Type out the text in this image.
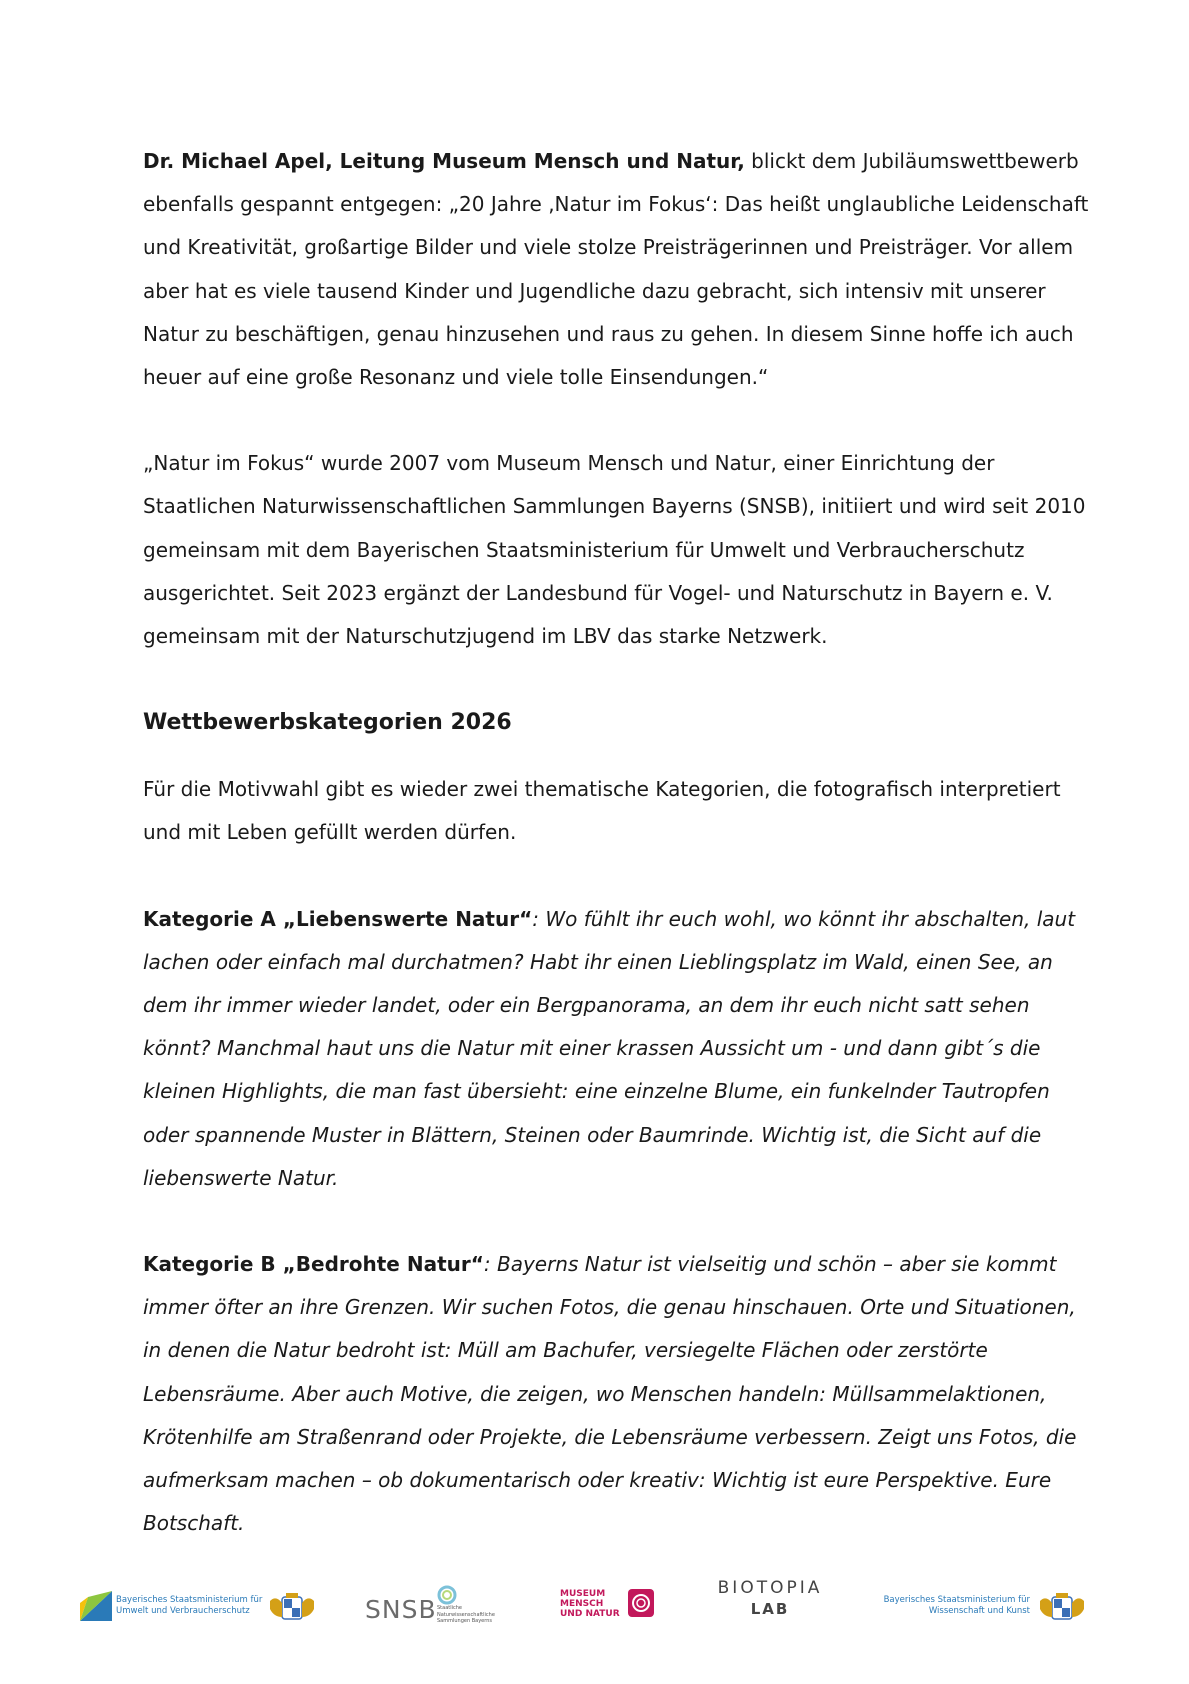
Dr. Michael Apel, Leitung Museum Mensch und Natur, blickt dem Jubiläumswettbewerb ebenfalls gespannt entgegen: „20 Jahre ‚Natur im Fokus‘: Das heißt unglaubliche Leidenschaft und Kreativität, großartige Bilder und viele stolze Preisträgerinnen und Preisträger. Vor allem aber hat es viele tausend Kinder und Jugendliche dazu gebracht, sich intensiv mit unserer Natur zu beschäftigen, genau hinzusehen und raus zu gehen. In diesem Sinne hoffe ich auch heuer auf eine große Resonanz und viele tolle Einsendungen.“

„Natur im Fokus“ wurde 2007 vom Museum Mensch und Natur, einer Einrichtung der Staatlichen Naturwissenschaftlichen Sammlungen Bayerns (SNSB), initiiert und wird seit 2010 gemeinsam mit dem Bayerischen Staatsministerium für Umwelt und Verbraucherschutz ausgerichtet. Seit 2023 ergänzt der Landesbund für Vogel- und Naturschutz in Bayern e. V. gemeinsam mit der Naturschutzjugend im LBV das starke Netzwerk.

Wettbewerbskategorien 2026

Für die Motivwahl gibt es wieder zwei thematische Kategorien, die fotografisch interpretiert und mit Leben gefüllt werden dürfen.

Kategorie A „Liebenswerte Natur“: Wo fühlt ihr euch wohl, wo könnt ihr abschalten, laut lachen oder einfach mal durchatmen? Habt ihr einen Lieblingsplatz im Wald, einen See, an dem ihr immer wieder landet, oder ein Bergpanorama, an dem ihr euch nicht satt sehen könnt? Manchmal haut uns die Natur mit einer krassen Aussicht um - und dann gibt´s die kleinen Highlights, die man fast übersieht: eine einzelne Blume, ein funkelnder Tautropfen oder spannende Muster in Blättern, Steinen oder Baumrinde. Wichtig ist, die Sicht auf die liebenswerte Natur.

Kategorie B „Bedrohte Natur“: Bayerns Natur ist vielseitig und schön – aber sie kommt immer öfter an ihre Grenzen. Wir suchen Fotos, die genau hinschauen. Orte und Situationen, in denen die Natur bedroht ist: Müll am Bachufer, versiegelte Flächen oder zerstörte Lebensräume. Aber auch Motive, die zeigen, wo Menschen handeln: Müllsammelaktionen, Krötenhilfe am Straßenrand oder Projekte, die Lebensräume verbessern. Zeigt uns Fotos, die aufmerksam machen – ob dokumentarisch oder kreativ: Wichtig ist eure Perspektive. Eure Botschaft.

Bayerisches Staatsministerium für
Umwelt und Verbraucherschutz	SNSB Staatliche
Naturwissenschaftliche
Sammlungen Bayerns
MUSEUM
MENSCH
UND NATUR
BIOTOPIA
LAB	Bayerisches Staatsministerium für
Wissenschaft und Kunst
